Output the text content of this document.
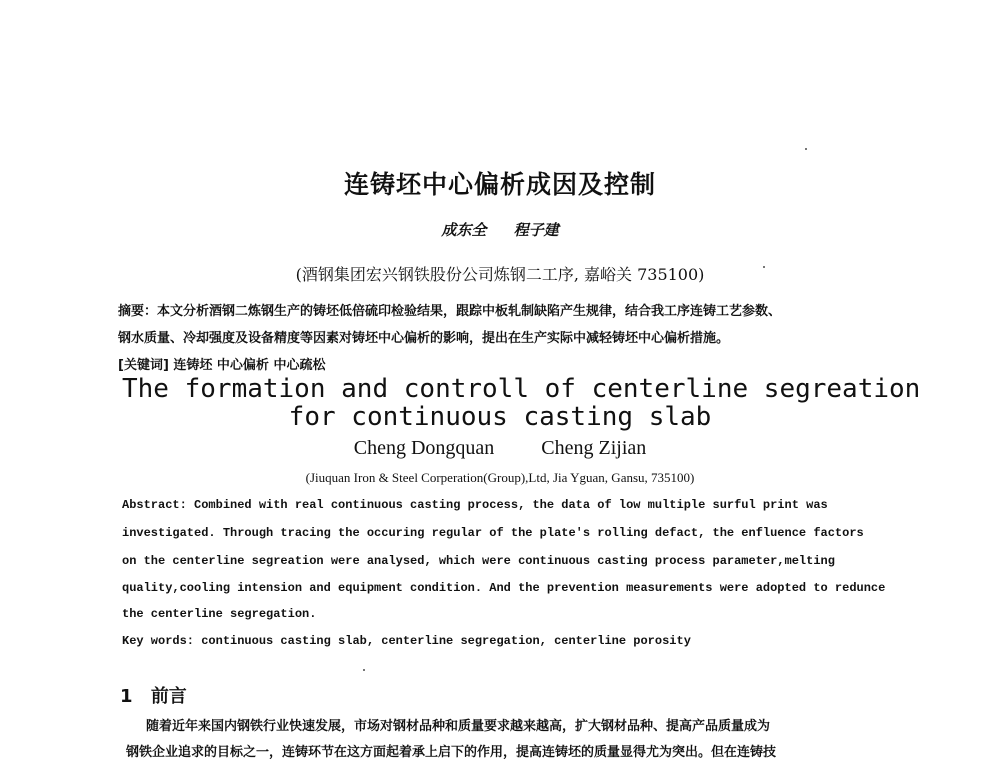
连铸坯中心偏析成因及控制
成东全 程子建
(酒钢集团宏兴钢铁股份公司炼钢二工序, 嘉峪关 735100)
摘要：本文分析酒钢二炼钢生产的铸坯低倍硫印检验结果，跟踪中板轧制缺陷产生规律，结合我工序连铸工艺参数、
钢水质量、冷却强度及设备精度等因素对铸坯中心偏析的影响，提出在生产实际中减轻铸坯中心偏析措施。
[关键词] 连铸坯 中心偏析 中心疏松
The formation and controll of centerline segreation
for continuous casting slab
Cheng Dongquan Cheng Zijian
(Jiuquan Iron & Steel Corperation(Group),Ltd, Jia Yguan, Gansu, 735100)
Abstract: Combined with real continuous casting process, the data of low multiple surful print was
investigated. Through tracing the occuring regular of the plate's rolling defact, the enfluence factors
on the centerline segreation were analysed, which were continuous casting process parameter,melting
quality,cooling intension and equipment condition. And the prevention measurements were adopted to redunce
the centerline segregation.
Key words: continuous casting slab, centerline segregation, centerline porosity
1 前言
随着近年来国内钢铁行业快速发展，市场对钢材品种和质量要求越来越高，扩大钢材品种、提高产品质量成为
钢铁企业追求的目标之一，连铸环节在这方面起着承上启下的作用，提高连铸坯的质量显得尤为突出。但在连铸技
